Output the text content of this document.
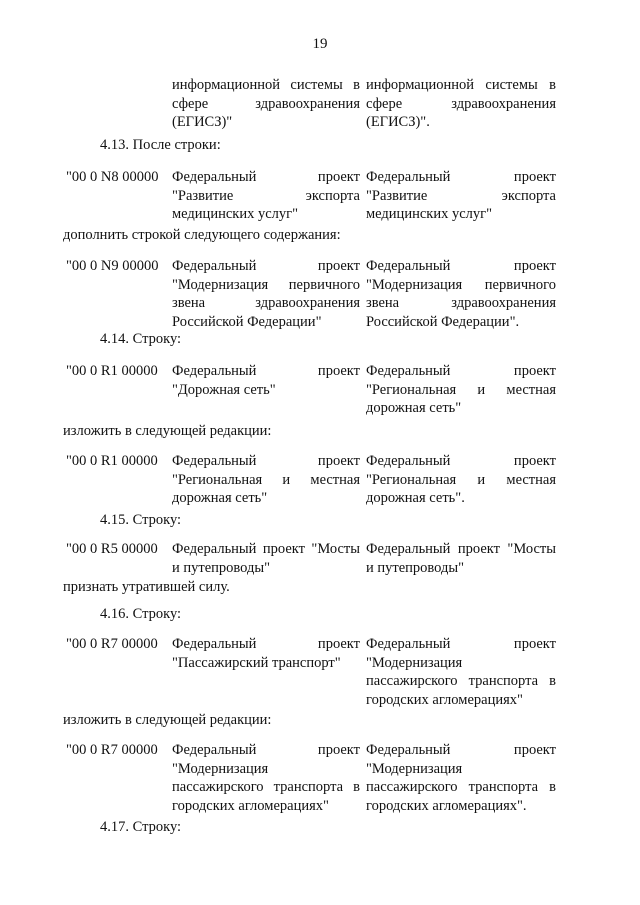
19
информационной системы в
сфере здравоохранения
(ЕГИСЗ)"
информационной системы в
сфере здравоохранения
(ЕГИСЗ)".
4.13. После строки:
"00 0 N8 00000 Федеральный проект
"Развитие экспорта
медицинских услуг"
Федеральный проект
"Развитие экспорта
медицинских услуг"
дополнить строкой следующего содержания:
"00 0 N9 00000 Федеральный проект
"Модернизация первичного
звена здравоохранения
Российской Федерации"
Федеральный проект
"Модернизация первичного
звена здравоохранения
Российской Федерации".
4.14. Строку:
"00 0 R1 00000 Федеральный проект
"Дорожная сеть"
Федеральный проект
"Региональная и местная
дорожная сеть"
изложить в следующей редакции:
"00 0 R1 00000 Федеральный проект
"Региональная и местная
дорожная сеть"
Федеральный проект
"Региональная и местная
дорожная сеть".
4.15. Строку:
"00 0 R5 00000 Федеральный проект "Мосты
и путепроводы"
Федеральный проект "Мосты
и путепроводы"
признать утратившей силу.
4.16. Строку:
"00 0 R7 00000 Федеральный проект
"Пассажирский транспорт"
Федеральный проект
"Модернизация
пассажирского транспорта в
городских агломерациях"
изложить в следующей редакции:
"00 0 R7 00000 Федеральный проект
"Модернизация
пассажирского транспорта в
городских агломерациях"
Федеральный проект
"Модернизация
пассажирского транспорта в
городских агломерациях".
4.17. Строку:
